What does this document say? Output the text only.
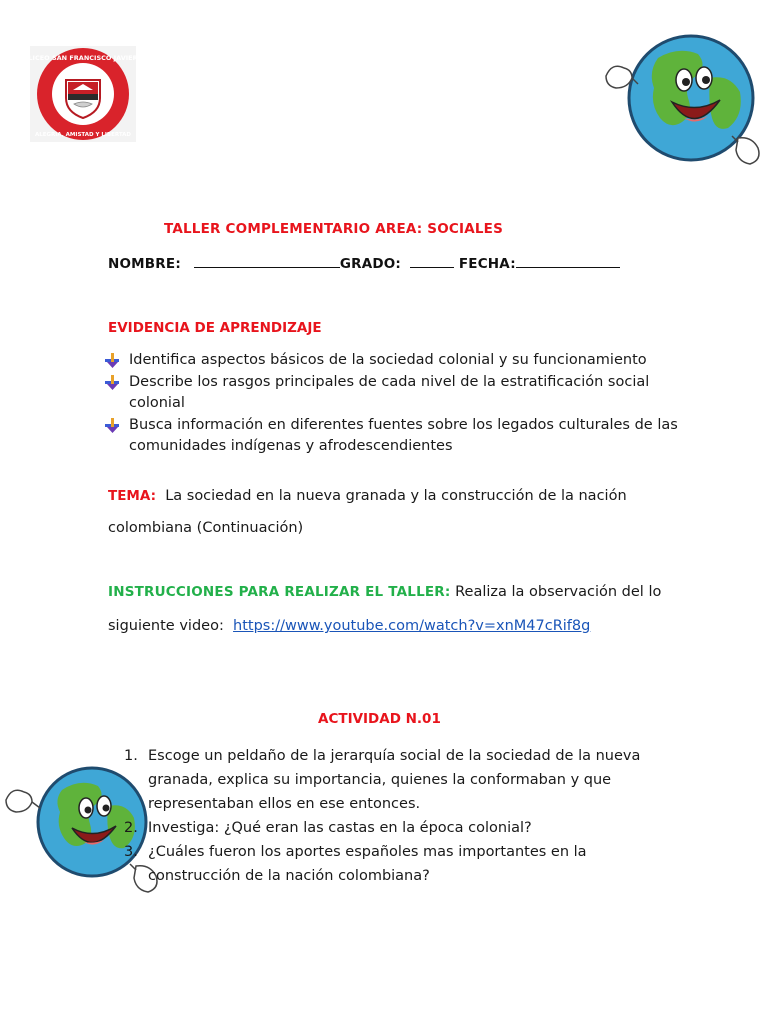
LICEO SAN FRANCISCO JAVIER
ALEGRIA, AMISTAD Y LIBERTAD
TALLER COMPLEMENTARIO AREA: SOCIALES
NOMBRE:	GRADO:	FECHA:
EVIDENCIA DE APRENDIZAJE
Identifica aspectos básicos de la sociedad colonial y su funcionamiento
Describe los rasgos principales de cada nivel de la estratificación social colonial
Busca información en diferentes fuentes sobre los legados culturales de las comunidades indígenas y afrodescendientes
TEMA: La sociedad en la nueva granada y la construcción de la nación colombiana (Continuación)
INSTRUCCIONES PARA REALIZAR EL TALLER: Realiza la observación del lo siguiente video: https://www.youtube.com/watch?v=xnM47cRif8g
ACTIVIDAD N.01
1. Escoge un peldaño de la jerarquía social de la sociedad de la nueva granada, explica su importancia, quienes la conformaban y que representaban ellos en ese entonces.
2. Investiga: ¿Qué eran las castas en la época colonial?
3. ¿Cuáles fueron los aportes españoles mas importantes en la construcción de la nación colombiana?
